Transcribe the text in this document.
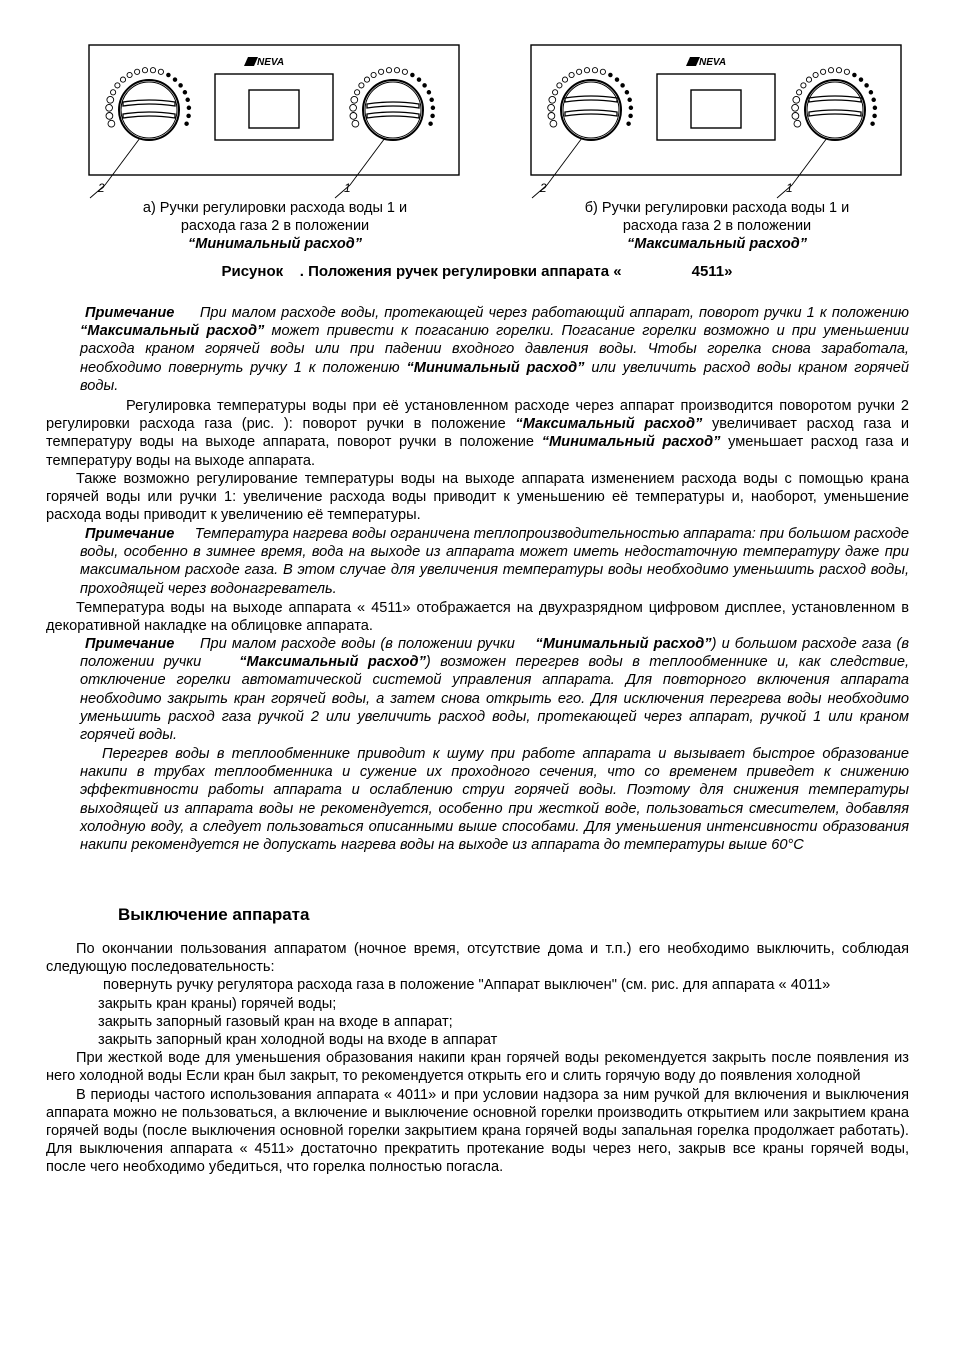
NEVA
2	1
а) Ручки регулировки расхода воды 1 и
расхода газа 2 в положении
“Минимальный расход”
NEVA
2	1
б) Ручки регулировки расхода воды 1 и
расхода газа 2 в положении
“Максимальный расход”
Рисунок . Положения ручек регулировки аппарата «	4511»

Примечание При малом расходе воды, протекающей через работающий аппарат, поворот ручки 1 к положению “Максимальный расход” может привести к погасанию горелки. Погасание горелки возможно и при уменьшении расхода краном горячей воды или при падении входного давления воды. Чтобы горелка снова заработала, необходимо повернуть ручку 1 к положению “Минимальный расход” или увеличить расход воды краном горячей воды.

Регулировка температуры воды при её установленном расходе через аппарат производится поворотом ручки 2 регулировки расхода газа (рис. ): поворот ручки в положение “Максимальный расход” увеличивает расход газа и температуру воды на выходе аппарата, поворот ручки в положение “Минимальный расход” уменьшает расход газа и температуру воды на выходе аппарата.

Также возможно регулирование температуры воды на выходе аппарата изменением расхода воды с помощью крана горячей воды или ручки 1: увеличение расхода воды приводит к уменьшению её температуры и, наоборот, уменьшение расхода воды приводит к увеличению её температуры.

Примечание Температура нагрева воды ограничена теплопроизводительностью аппарата: при большом расходе воды, особенно в зимнее время, вода на выходе из аппарата может иметь недостаточную температуру даже при максимальном расходе газа. В этом случае для увеличения температуры воды необходимо уменьшить расход воды, проходящей через водонагреватель.

Температура воды на выходе аппарата « 4511» отображается на двухразрядном цифровом дисплее, установленном в декоративной накладке на облицовке аппарата.

Примечание При малом расходе воды (в положении ручки “Минимальный расход”) и большом расходе газа (в положении ручки	“Максимальный расход”) возможен перегрев воды в теплообменнике и, как следствие, отключение горелки автоматической системой управления аппарата. Для повторного включения аппарата необходимо закрыть кран горячей воды, а затем снова открыть его. Для исключения перегрева воды необходимо уменьшить расход газа ручкой 2 или увеличить расход воды, протекающей через аппарат, ручкой 1 или краном горячей воды.

Перегрев воды в теплообменнике приводит к шуму при работе аппарата и вызывает быстрое образование накипи в трубах теплообменника и сужение их проходного сечения, что со временем приведет к снижению эффективности работы аппарата и ослаблению струи горячей воды. Поэтому для снижения температуры выходящей из аппарата воды не рекомендуется, особенно при жесткой воде, пользоваться смесителем, добавляя холодную воду, а следует пользоваться описанными выше способами. Для уменьшения интенсивности образования накипи рекомендуется не допускать нагрева воды на выходе из аппарата до температуры выше 60°С

Выключение аппарата

По окончании пользования аппаратом (ночное время, отсутствие дома и т.п.) его необходимо выключить, соблюдая следующую последовательность:

повернуть ручку регулятора расхода газа в положение "Аппарат выключен" (см. рис. для аппарата « 4011»

закрыть кран краны) горячей воды;

закрыть запорный газовый кран на входе в аппарат;

закрыть запорный кран холодной воды на входе в аппарат

При жесткой воде для уменьшения образования накипи кран горячей воды рекомендуется закрыть после появления из него холодной воды Если кран был закрыт, то рекомендуется открыть его и слить горячую воду до появления холодной

В периоды частого использования аппарата « 4011» и при условии надзора за ним ручкой для включения и выключения аппарата можно не пользоваться, а включение и выключение основной горелки производить открытием или закрытием крана горячей воды (после выключения основной горелки закрытием крана горячей воды запальная горелка продолжает работать). Для выключения аппарата « 4511» достаточно прекратить протекание воды через него, закрыв все краны горячей воды, после чего необходимо убедиться, что горелка полностью погасла.
